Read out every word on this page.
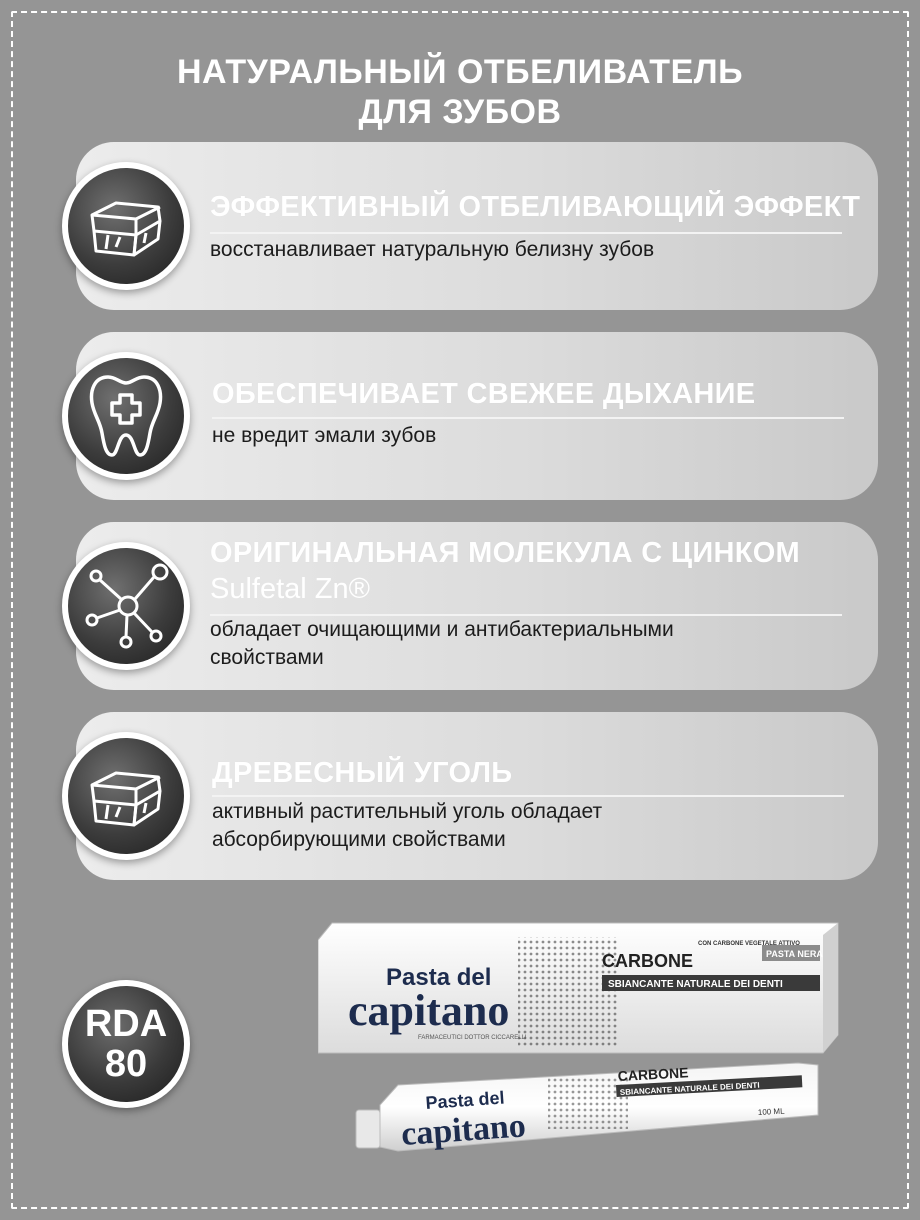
НАТУРАЛЬНЫЙ ОТБЕЛИВАТЕЛЬ
ДЛЯ ЗУБОВ
ЭФФЕКТИВНЫЙ ОТБЕЛИВАЮЩИЙ ЭФФЕКТ
восстанавливает натуральную белизну зубов
ОБЕСПЕЧИВАЕТ СВЕЖЕЕ ДЫХАНИЕ
не вредит эмали зубов
ОРИГИНАЛЬНАЯ МОЛЕКУЛА С ЦИНКОМ
Sulfetal Zn®
обладает очищающими и антибактериальными
свойствами
ДРЕВЕСНЫЙ УГОЛЬ
активный растительный уголь обладает
абсорбирующими свойствами
RDA
80
Pasta del
capitano
CARBONE	PASTA NERA
SBIANCANTE NATURALE DEI DENTI
CON CARBONE VEGETALE ATTIVO
FARMACEUTICI DOTTOR CICCARELLI
Pasta del
capitano
CARBONE
SBIANCANTE NATURALE DEI DENTI
100 ML
